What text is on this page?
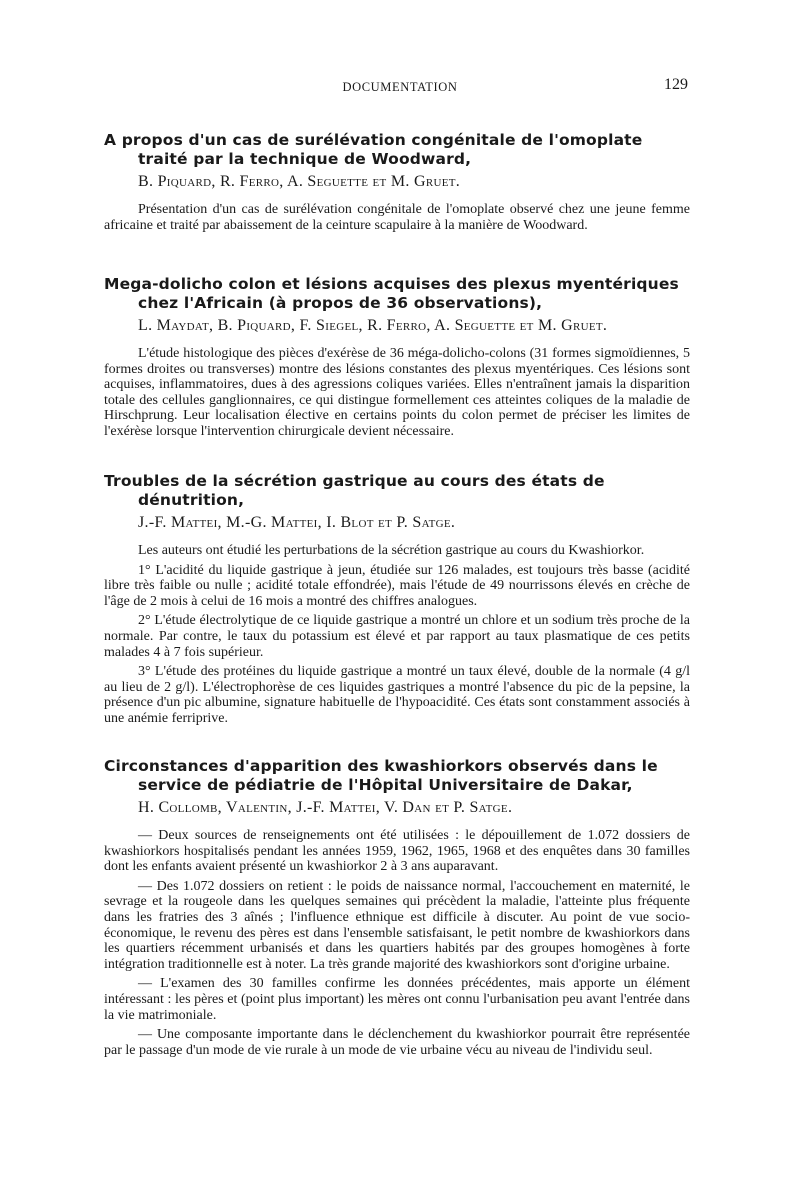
DOCUMENTATION	129
A propos d'un cas de surélévation congénitale de l'omoplate traité par la technique de Woodward,
B. Piquard, R. Ferro, A. Seguette et M. Gruet.

Présentation d'un cas de surélévation congénitale de l'omoplate observé chez une jeune femme africaine et traité par abaissement de la ceinture scapulaire à la manière de Woodward.

Mega-dolicho colon et lésions acquises des plexus myentériques chez l'Africain (à propos de 36 observations),
L. Maydat, B. Piquard, F. Siegel, R. Ferro, A. Seguette et M. Gruet.

L'étude histologique des pièces d'exérèse de 36 méga-dolicho-colons (31 formes sigmoïdiennes, 5 formes droites ou transverses) montre des lésions constantes des plexus myentériques. Ces lésions sont acquises, inflammatoires, dues à des agressions coliques variées. Elles n'entraînent jamais la disparition totale des cellules ganglionnaires, ce qui distingue formellement ces atteintes coliques de la maladie de Hirschprung. Leur localisation élective en certains points du colon permet de préciser les limites de l'exérèse lorsque l'intervention chirurgicale devient nécessaire.

Troubles de la sécrétion gastrique au cours des états de dénutrition,
J.-F. Mattei, M.-G. Mattei, I. Blot et P. Satge.

Les auteurs ont étudié les perturbations de la sécrétion gastrique au cours du Kwashiorkor.

1° L'acidité du liquide gastrique à jeun, étudiée sur 126 malades, est toujours très basse (acidité libre très faible ou nulle ; acidité totale effondrée), mais l'étude de 49 nourrissons élevés en crèche de l'âge de 2 mois à celui de 16 mois a montré des chiffres analogues.

2° L'étude électrolytique de ce liquide gastrique a montré un chlore et un sodium très proche de la normale. Par contre, le taux du potassium est élevé et par rapport au taux plasmatique de ces petits malades 4 à 7 fois supérieur.

3° L'étude des protéines du liquide gastrique a montré un taux élevé, double de la normale (4 g/l au lieu de 2 g/l). L'électrophorèse de ces liquides gastriques a montré l'absence du pic de la pepsine, la présence d'un pic albumine, signature habituelle de l'hypoacidité. Ces états sont constamment associés à une anémie ferriprive.

Circonstances d'apparition des kwashiorkors observés dans le service de pédiatrie de l'Hôpital Universitaire de Dakar,
H. Collomb, Valentin, J.-F. Mattei, V. Dan et P. Satge.

— Deux sources de renseignements ont été utilisées : le dépouillement de 1.072 dossiers de kwashiorkors hospitalisés pendant les années 1959, 1962, 1965, 1968 et des enquêtes dans 30 familles dont les enfants avaient présenté un kwashiorkor 2 à 3 ans auparavant.

— Des 1.072 dossiers on retient : le poids de naissance normal, l'accouchement en maternité, le sevrage et la rougeole dans les quelques semaines qui précèdent la maladie, l'atteinte plus fréquente dans les fratries des 3 aînés ; l'influence ethnique est difficile à discuter. Au point de vue socio-économique, le revenu des pères est dans l'ensemble satisfaisant, le petit nombre de kwashiorkors dans les quartiers récemment urbanisés et dans les quartiers habités par des groupes homogènes à forte intégration traditionnelle est à noter. La très grande majorité des kwashiorkors sont d'origine urbaine.

— L'examen des 30 familles confirme les données précédentes, mais apporte un élément intéressant : les pères et (point plus important) les mères ont connu l'urbanisation peu avant l'entrée dans la vie matrimoniale.

— Une composante importante dans le déclenchement du kwashiorkor pourrait être représentée par le passage d'un mode de vie rurale à un mode de vie urbaine vécu au niveau de l'individu seul.
